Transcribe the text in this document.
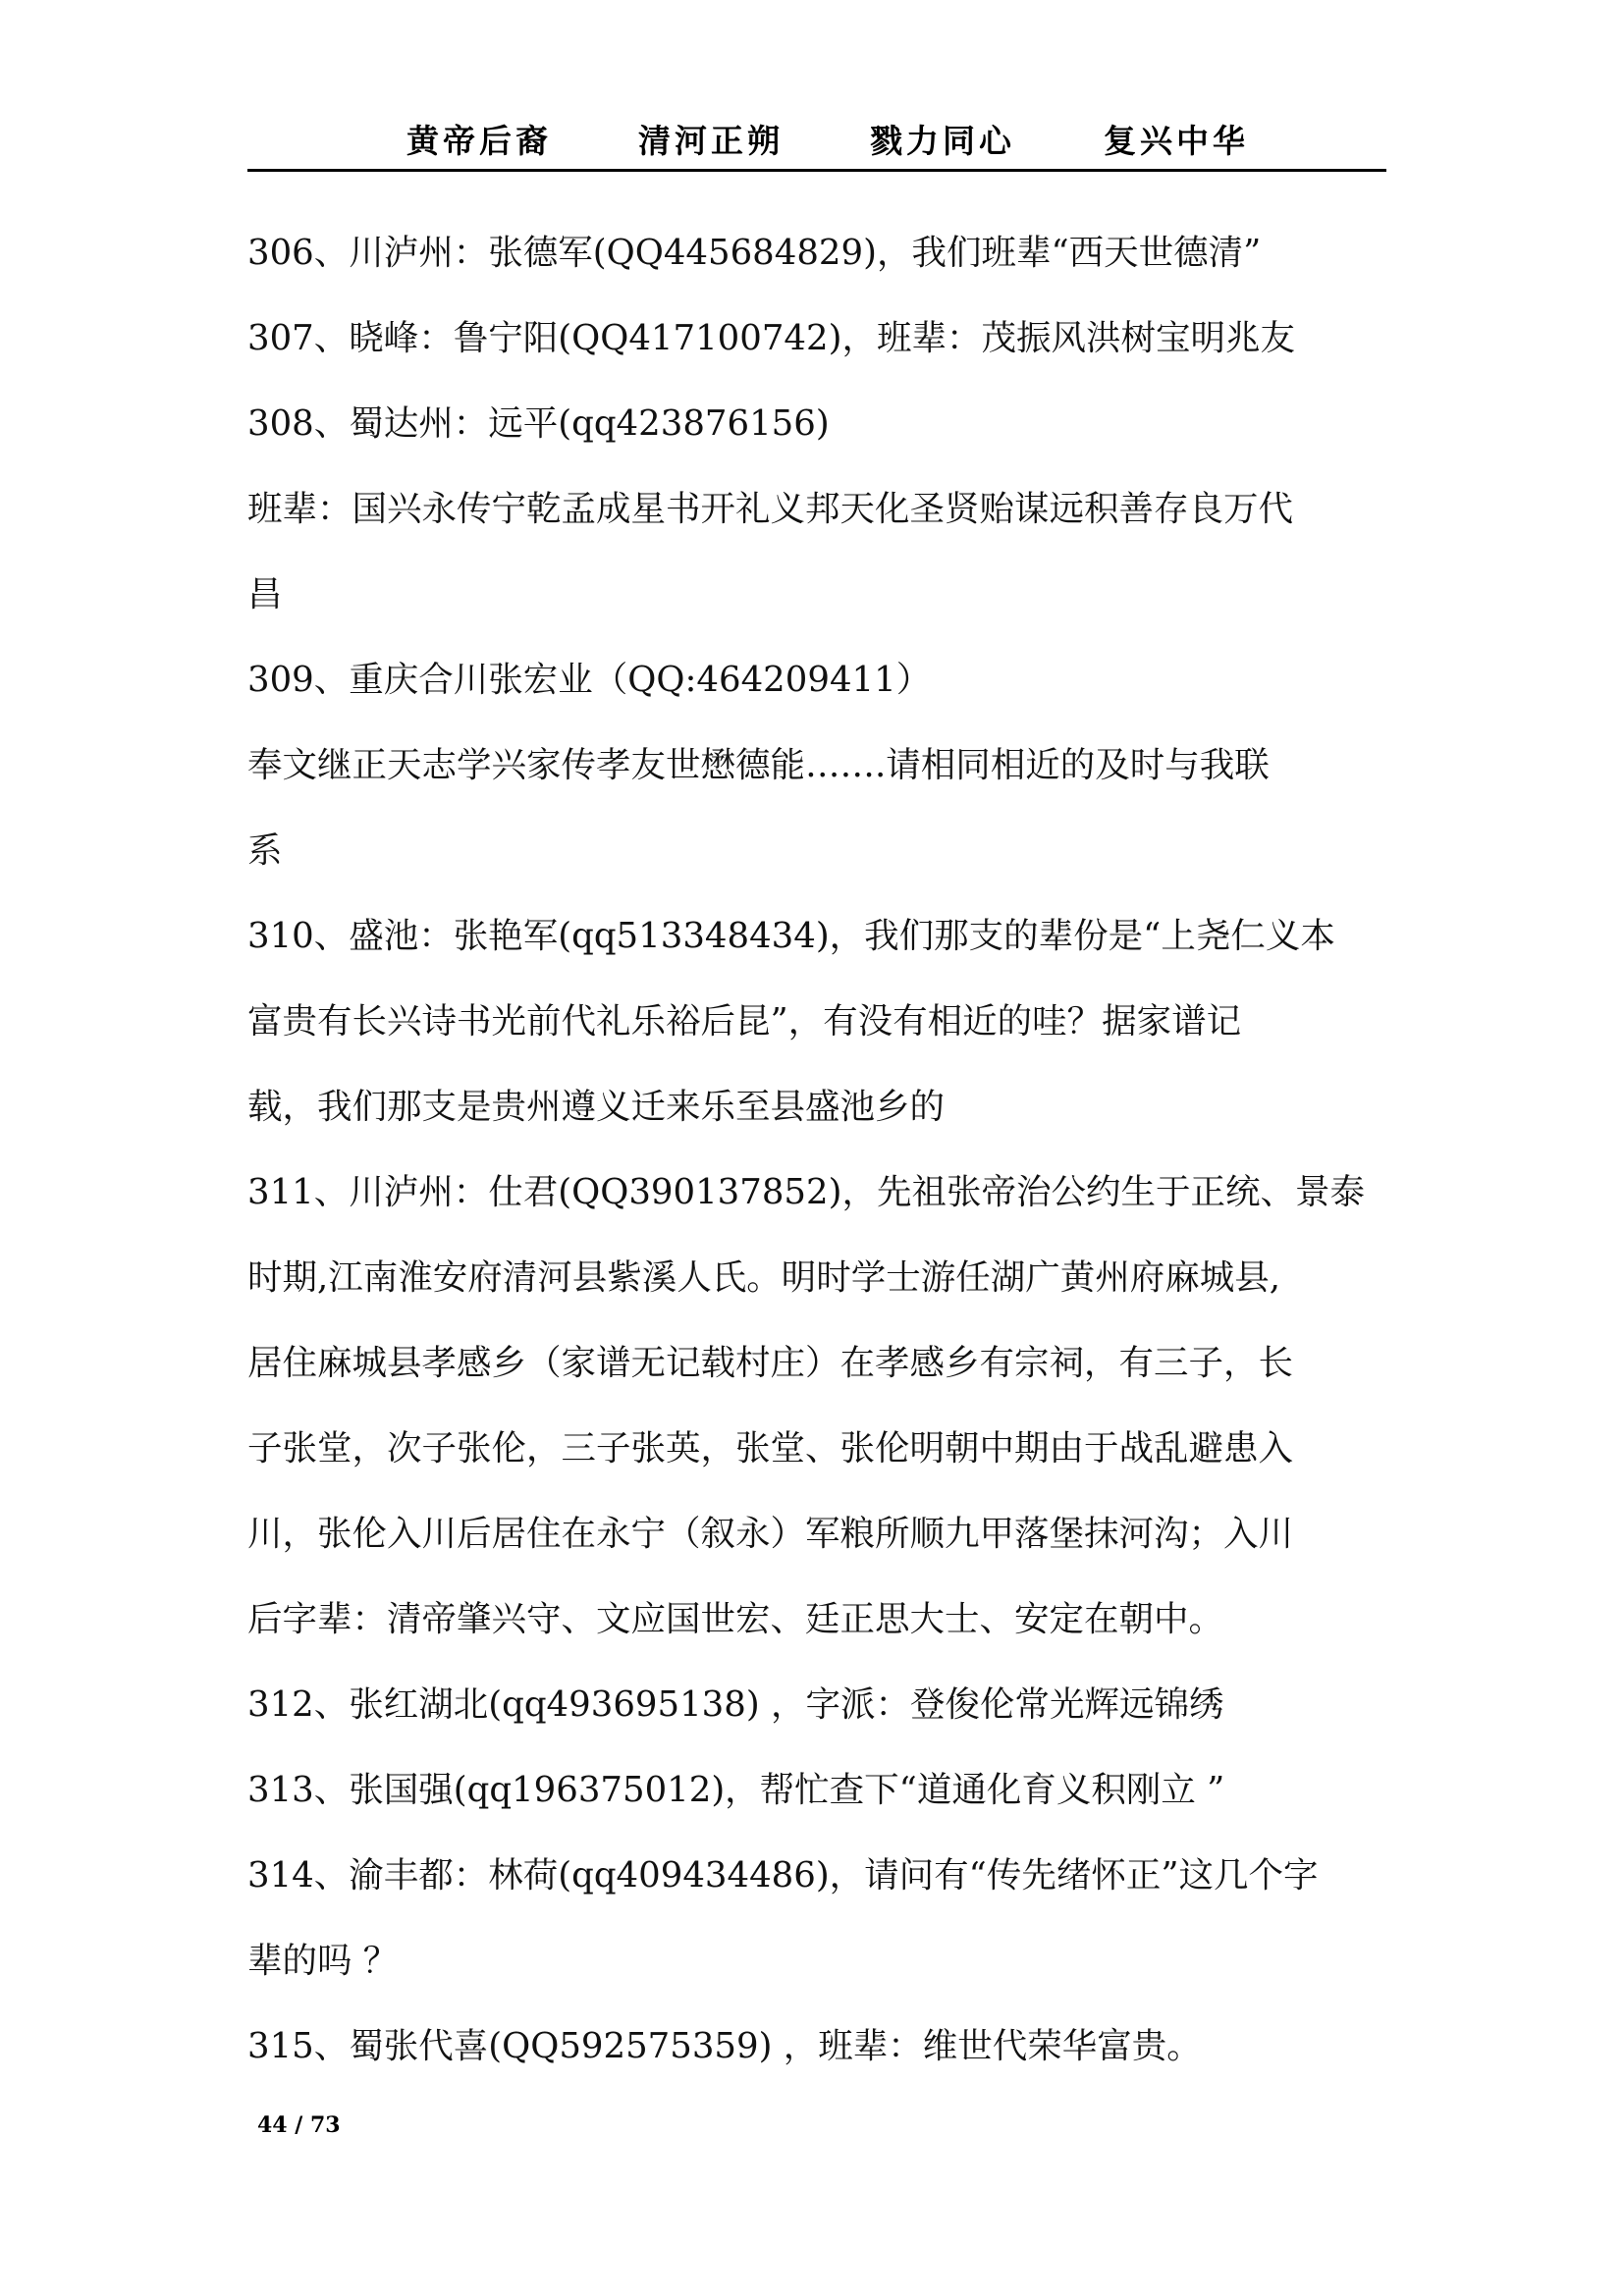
黄帝后裔	清河正朔	戮力同心	复兴中华
306、川泸州：张德军(QQ445684829)，我们班辈“西天世德清”
307、晓峰：鲁宁阳(QQ417100742)，班辈：茂振风洪树宝明兆友
308、蜀达州：远平(qq423876156)
班辈：国兴永传宁乾孟成星书开礼义邦天化圣贤贻谋远积善存良万代
昌
309、重庆合川张宏业（QQ:464209411）
奉文继正天志学兴家传孝友世懋德能…….请相同相近的及时与我联
系
310、盛池：张艳军(qq513348434)，我们那支的辈份是“上尧仁义本
富贵有长兴诗书光前代礼乐裕后昆”，有没有相近的哇？据家谱记
载，我们那支是贵州遵义迁来乐至县盛池乡的
311、川泸州：仕君(QQ390137852)，先祖张帝治公约生于正统、景泰
时期,江南淮安府清河县紫溪人氏。明时学士游任湖广黄州府麻城县,
居住麻城县孝感乡（家谱无记载村庄）在孝感乡有宗祠，有三子，长
子张堂，次子张伦，三子张英，张堂、张伦明朝中期由于战乱避患入
川，张伦入川后居住在永宁（叙永）军粮所顺九甲落堡抹河沟；入川
后字辈：清帝肇兴守、文应国世宏、廷正思大士、安定在朝中。
312、张红湖北(qq493695138) ，字派：登俊伦常光辉远锦绣
313、张国强(qq196375012)，帮忙查下“道通化育义积刚立 ”
314、渝丰都：林荷(qq409434486)，请问有“传先绪怀正”这几个字
辈的吗 ？
315、蜀张代喜(QQ592575359) ，班辈：维世代荣华富贵。
44 / 73
